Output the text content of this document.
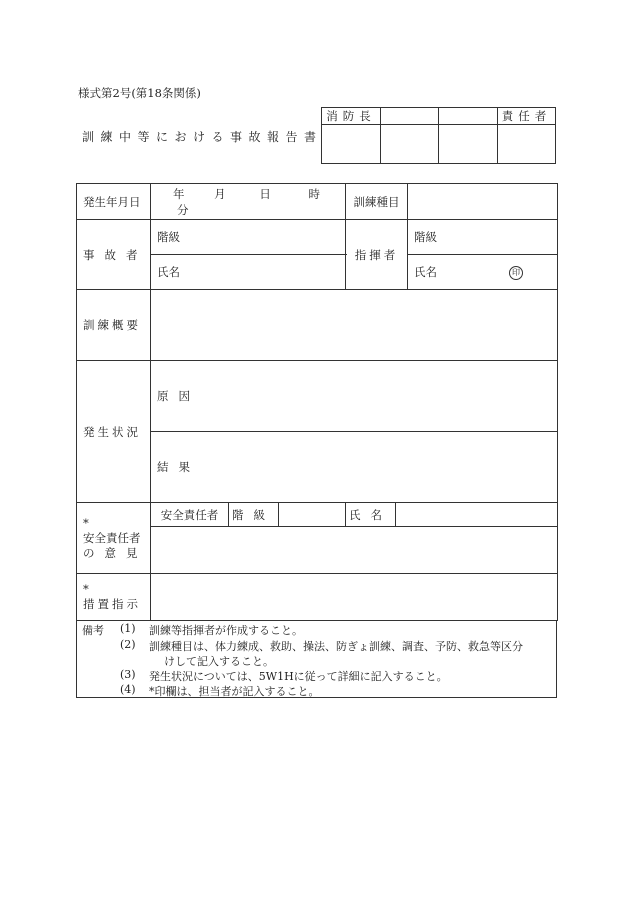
様式第2号(第18条関係)
訓練中等における事故報告書
消防長			責任者

発生年月日	年 月 日 時 分			訓練種目		
事故者	階級			指揮者		階級
	氏名					氏名 印
訓練概要						
発生状況	原因					
	結果					

*
安全責任者
の意見	安全責任者	階級			氏名		

*
措置指示						

備考 (1) 訓練等指揮者が作成すること。
(2) 訓練種目は、体力練成、救助、操法、防ぎょ訓練、調査、予防、救急等区分
けして記入すること。
(3) 発生状況については、5W1Hに従って詳細に記入すること。
(4) *印欄は、担当者が記入すること。
